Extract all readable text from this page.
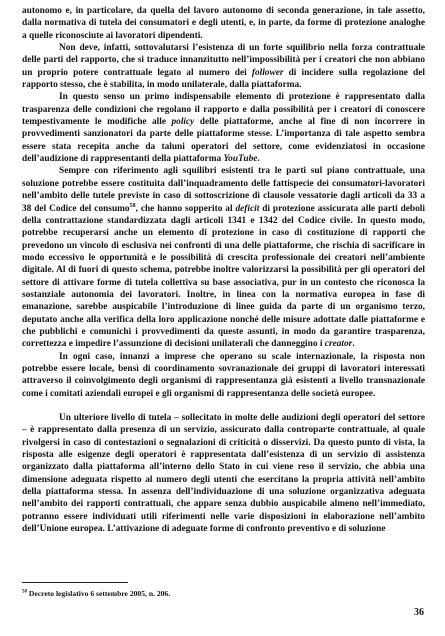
autonomo e, in particolare, da quella del lavoro autonomo di seconda generazione, in tale assetto, dalla normativa di tutela dei consumatori e degli utenti, e, in parte, da forme di protezione analoghe a quelle riconosciute ai lavoratori dipendenti.

Non deve, infatti, sottovalutarsi l’esistenza di un forte squilibrio nella forza contrattuale delle parti del rapporto, che si traduce innanzitutto nell’impossibilità per i creatori che non abbiano un proprio potere contrattuale legato al numero dei follower di incidere sulla regolazione del rapporto stesso, che è stabilita, in modo unilaterale, dalla piattaforma.

In questo senso un primo indispensabile elemento di protezione è rappresentato dalla trasparenza delle condizioni che regolano il rapporto e dalla possibilità per i creatori di conoscere tempestivamente le modifiche alle policy delle piattaforme, anche al fine di non incorrere in provvedimenti sanzionatori da parte delle piattaforme stesse. L’importanza di tale aspetto sembra essere stata recepita anche da taluni operatori del settore, come evidenziatosi in occasione dell’audizione di rappresentanti della piattaforma YouTube.

Sempre con riferimento agli squilibri esistenti tra le parti sul piano contrattuale, una soluzione potrebbe essere costituita dall’inquadramento delle fattispecie dei consumatori-lavoratori nell’ambito delle tutele previste in caso di sottoscrizione di clausole vessatorie dagli articoli da 33 a 38 del Codice del consumo$^{58}$, che hanno sopperito al deficit di protezione assicurata alle parti deboli della contrattazione standardizzata dagli articoli 1341 e 1342 del Codice civile. In questo modo, potrebbe recuperarsi anche un elemento di protezione in caso di costituzione di rapporti che prevedono un vincolo di esclusiva nei confronti di una delle piattaforme, che rischia di sacrificare in modo eccessivo le opportunità e le possibilità di crescita professionale dei creatori nell’ambiente digitale. Al di fuori di questo schema, potrebbe inoltre valorizzarsi la possibilità per gli operatori del settore di attivare forme di tutela collettiva su base associativa, pur in un contesto che riconosca la sostanziale autonomia dei lavoratori. Inoltre, in linea con la normativa europea in fase di emanazione, sarebbe auspicabile l’introduzione di linee guida da parte di un organismo terzo, deputato anche alla verifica della loro applicazione nonché delle misure adottate dalle piattaforme e che pubblichi e comunichi i provvedimenti da queste assunti, in modo da garantire trasparenza, correttezza e impedire l’assunzione di decisioni unilaterali che danneggino i creator.

In ogni caso, innanzi a imprese che operano su scale internazionale, la risposta non potrebbe essere locale, bensì di coordinamento sovranazionale dei gruppi di lavoratori interessati attraverso il coinvolgimento degli organismi di rappresentanza già esistenti a livello transnazionale come i comitati aziendali europei e gli organismi di rappresentanza delle società europee.

Un ulteriore livello di tutela – sollecitato in molte delle audizioni degli operatori del settore – è rappresentato dalla presenza di un servizio, assicurato dalla controparte contrattuale, al quale rivolgersi in caso di contestazioni o segnalazioni di criticità o disservizi. Da questo punto di vista, la risposta alle esigenze degli operatori è rappresentata dall’esistenza di un servizio di assistenza organizzato dalla piattaforma all’interno dello Stato in cui viene reso il servizio, che abbia una dimensione adeguata rispetto al numero degli utenti che esercitano la propria attività nell’ambito della piattaforma stessa. In assenza dell’individuazione di una soluzione organizzativa adeguata nell’ambito dei rapporti contrattuali, che appare senza dubbio auspicabile almeno nell’immediato, potranno essere individuati utili riferimenti nelle varie disposizioni in elaborazione nell’ambito dell’Unione europea. L’attivazione di adeguate forme di confronto preventivo e di soluzione

$^{58}$ Decreto legislativo 6 settembre 2005, n. 206.
36
